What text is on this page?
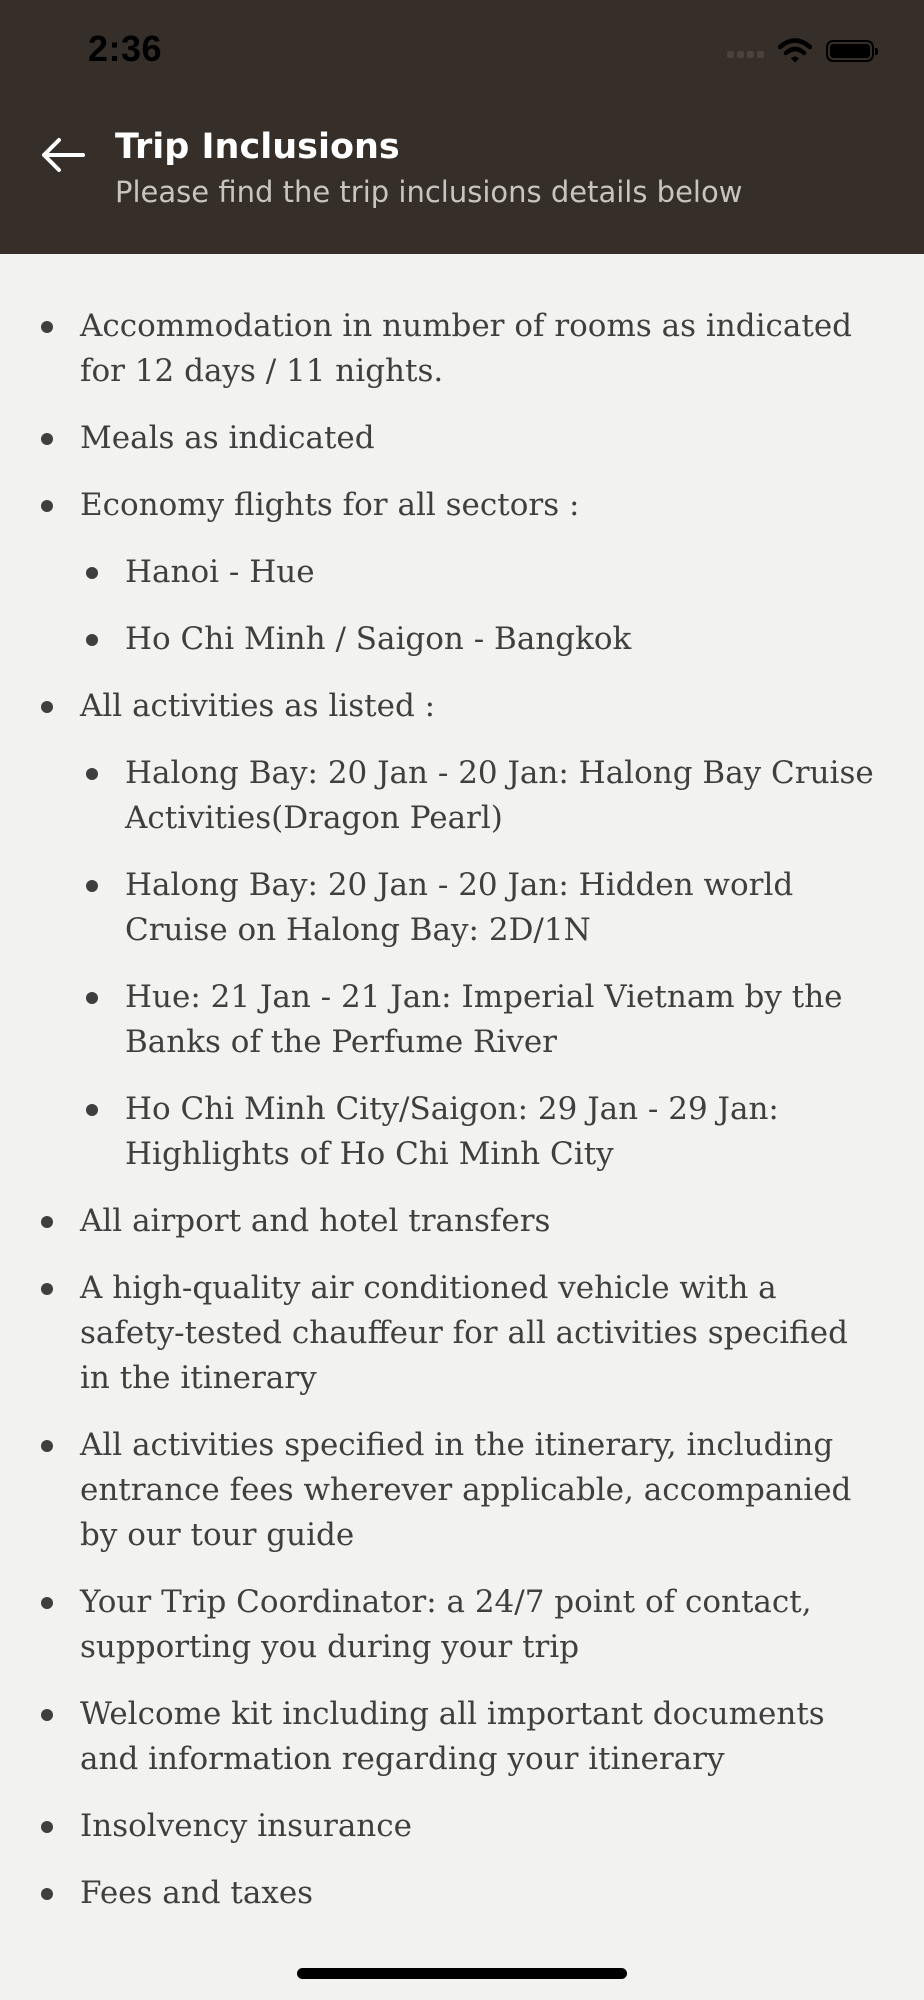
2:36
Trip Inclusions
Please find the trip inclusions details below
Accommodation in number of rooms as indicated for 12 days / 11 nights.
Meals as indicated
Economy flights for all sectors :
Hanoi - Hue
Ho Chi Minh / Saigon - Bangkok
All activities as listed :
Halong Bay: 20 Jan - 20 Jan: Halong Bay Cruise Activities(Dragon Pearl)
Halong Bay: 20 Jan - 20 Jan: Hidden world Cruise on Halong Bay: 2D/1N
Hue: 21 Jan - 21 Jan: Imperial Vietnam by the Banks of the Perfume River
Ho Chi Minh City/Saigon: 29 Jan - 29 Jan: Highlights of Ho Chi Minh City
All airport and hotel transfers
A high-quality air conditioned vehicle with a safety-tested chauffeur for all activities specified in the itinerary
All activities specified in the itinerary, including entrance fees wherever applicable, accompanied by our tour guide
Your Trip Coordinator: a 24/7 point of contact, supporting you during your trip
Welcome kit including all important documents and information regarding your itinerary
Insolvency insurance
Fees and taxes
